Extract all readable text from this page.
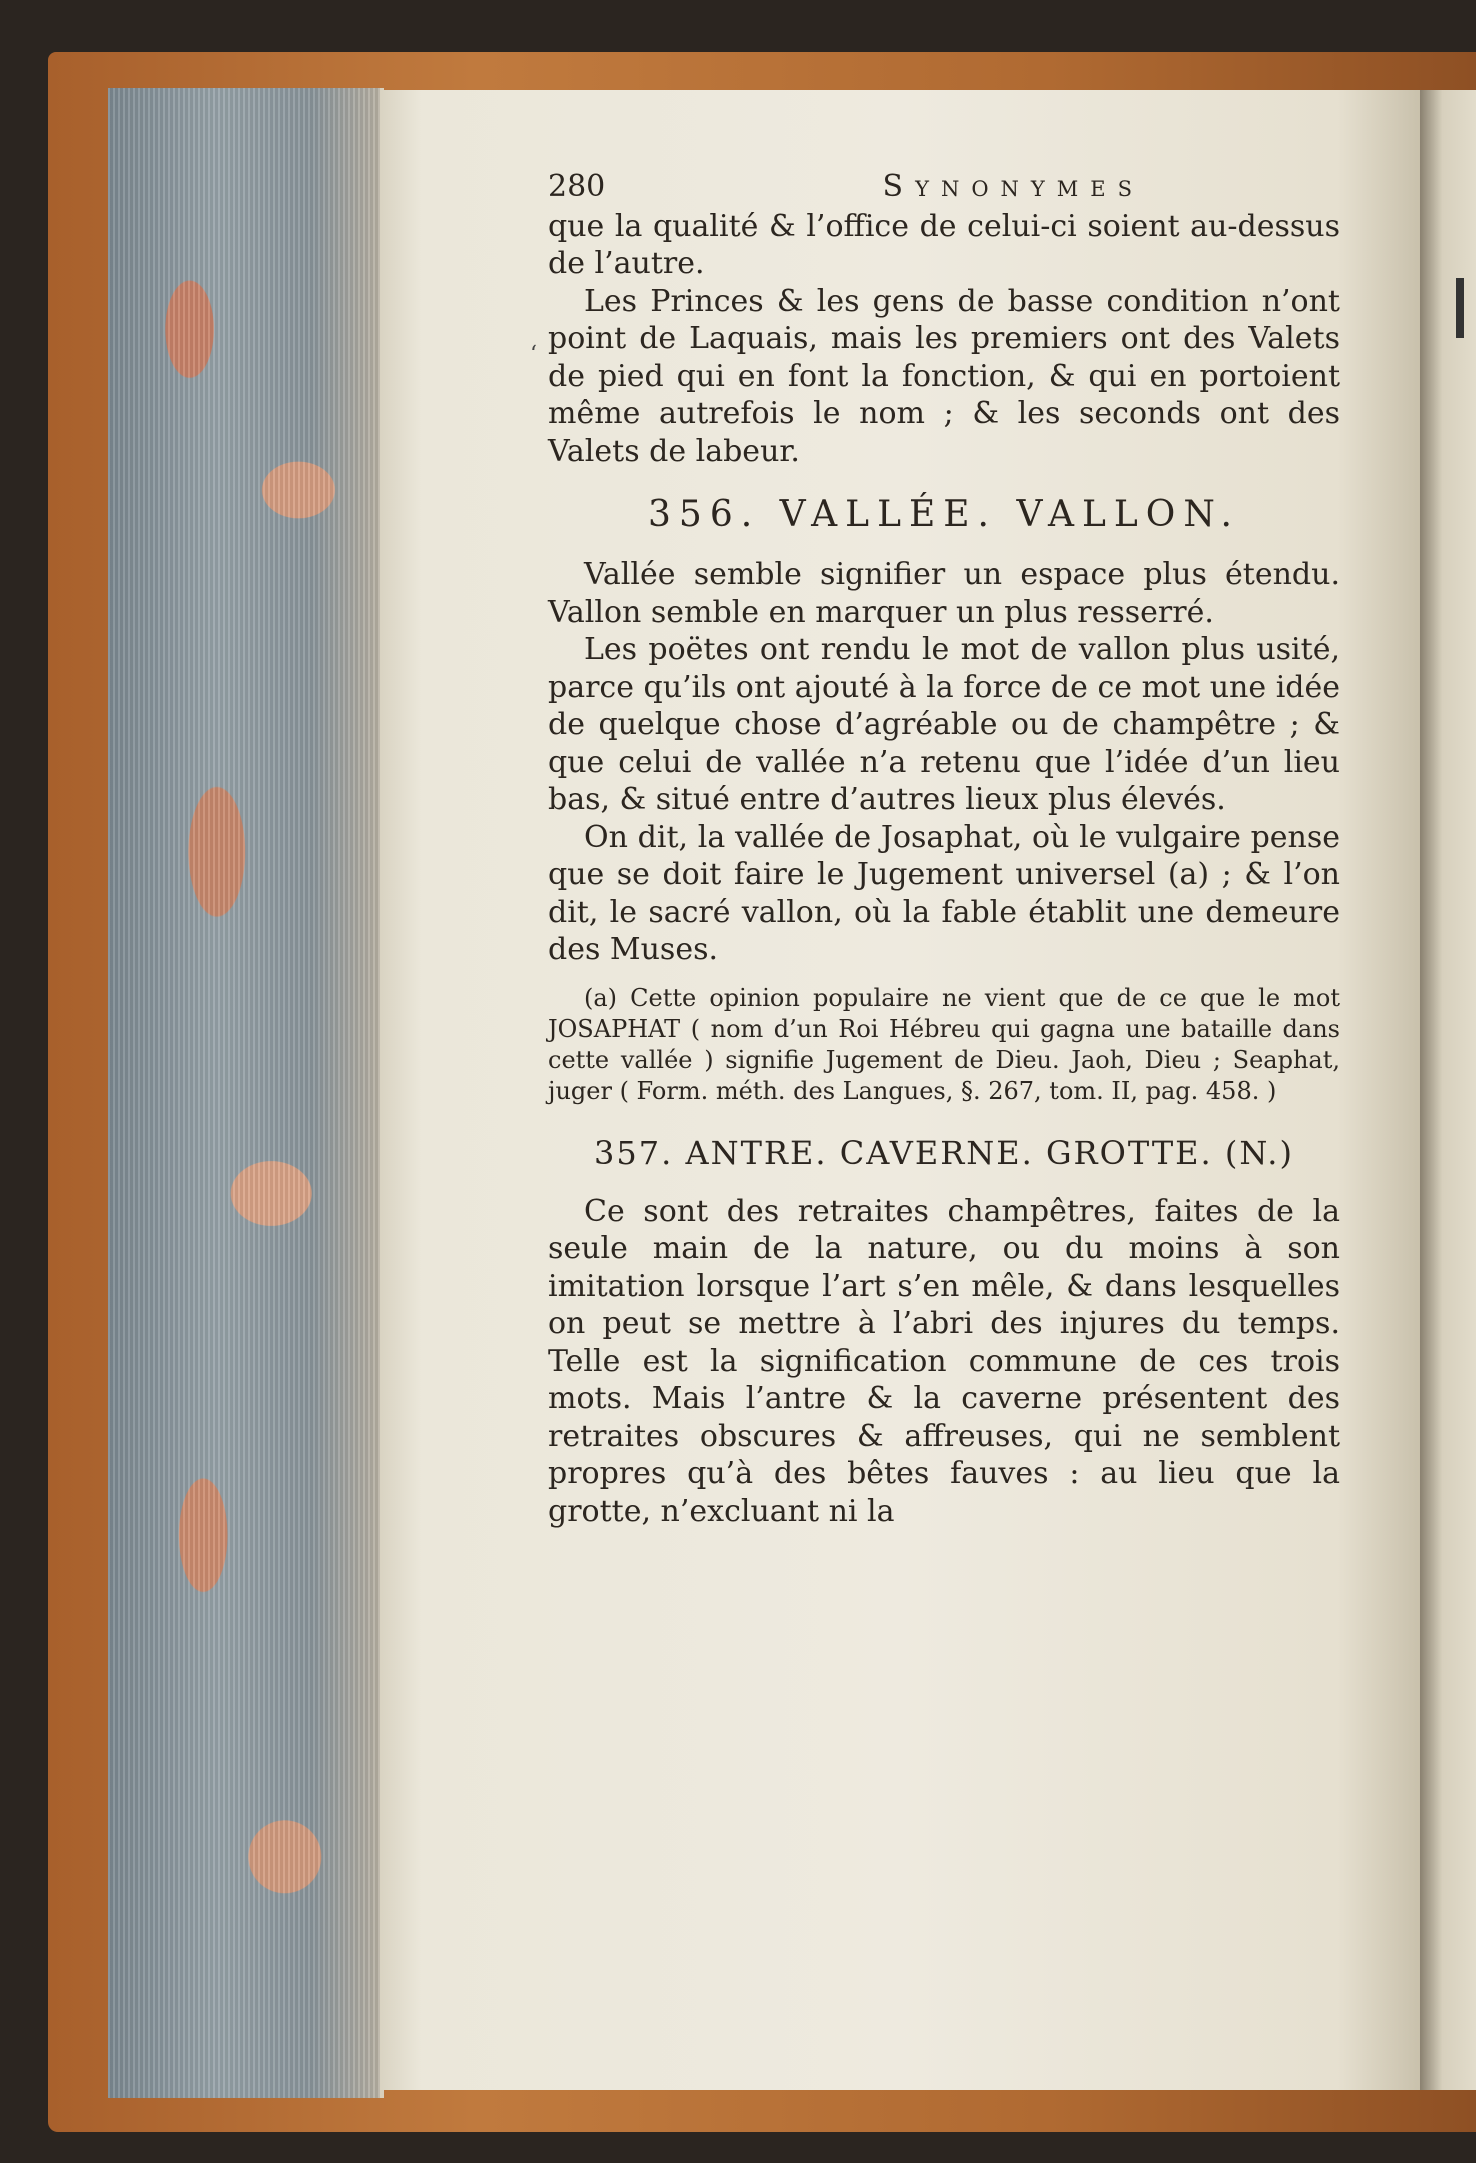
ʻ
280	Synonymes

que la qualité & l’office de celui-ci soient au-dessus de l’autre.

Les Princes & les gens de basse condition n’ont point de Laquais, mais les premiers ont des Valets de pied qui en font la fonction, & qui en portoient même autrefois le nom ; & les seconds ont des Valets de labeur.

356. VALLÉE. VALLON.

Vallée semble signifier un espace plus étendu. Vallon semble en marquer un plus resserré.

Les poëtes ont rendu le mot de vallon plus usité, parce qu’ils ont ajouté à la force de ce mot une idée de quelque chose d’agréable ou de champêtre ; & que celui de vallée n’a retenu que l’idée d’un lieu bas, & situé entre d’autres lieux plus élevés.

On dit, la vallée de Josaphat, où le vulgaire pense que se doit faire le Jugement universel (a) ; & l’on dit, le sacré vallon, où la fable établit une demeure des Muses.

(a) Cette opinion populaire ne vient que de ce que le mot JOSAPHAT ( nom d’un Roi Hébreu qui gagna une bataille dans cette vallée ) signifie Jugement de Dieu. Jaoh, Dieu ; Seaphat, juger ( Form. méth. des Langues, §. 267, tom. II, pag. 458. )

357. ANTRE. CAVERNE. GROTTE. (N.)

Ce sont des retraites champêtres, faites de la seule main de la nature, ou du moins à son imitation lorsque l’art s’en mêle, & dans lesquelles on peut se mettre à l’abri des injures du temps. Telle est la signification commune de ces trois mots. Mais l’antre & la caverne présentent des retraites obscures & affreuses, qui ne semblent propres qu’à des bêtes fauves : au lieu que la grotte, n’excluant ni la
